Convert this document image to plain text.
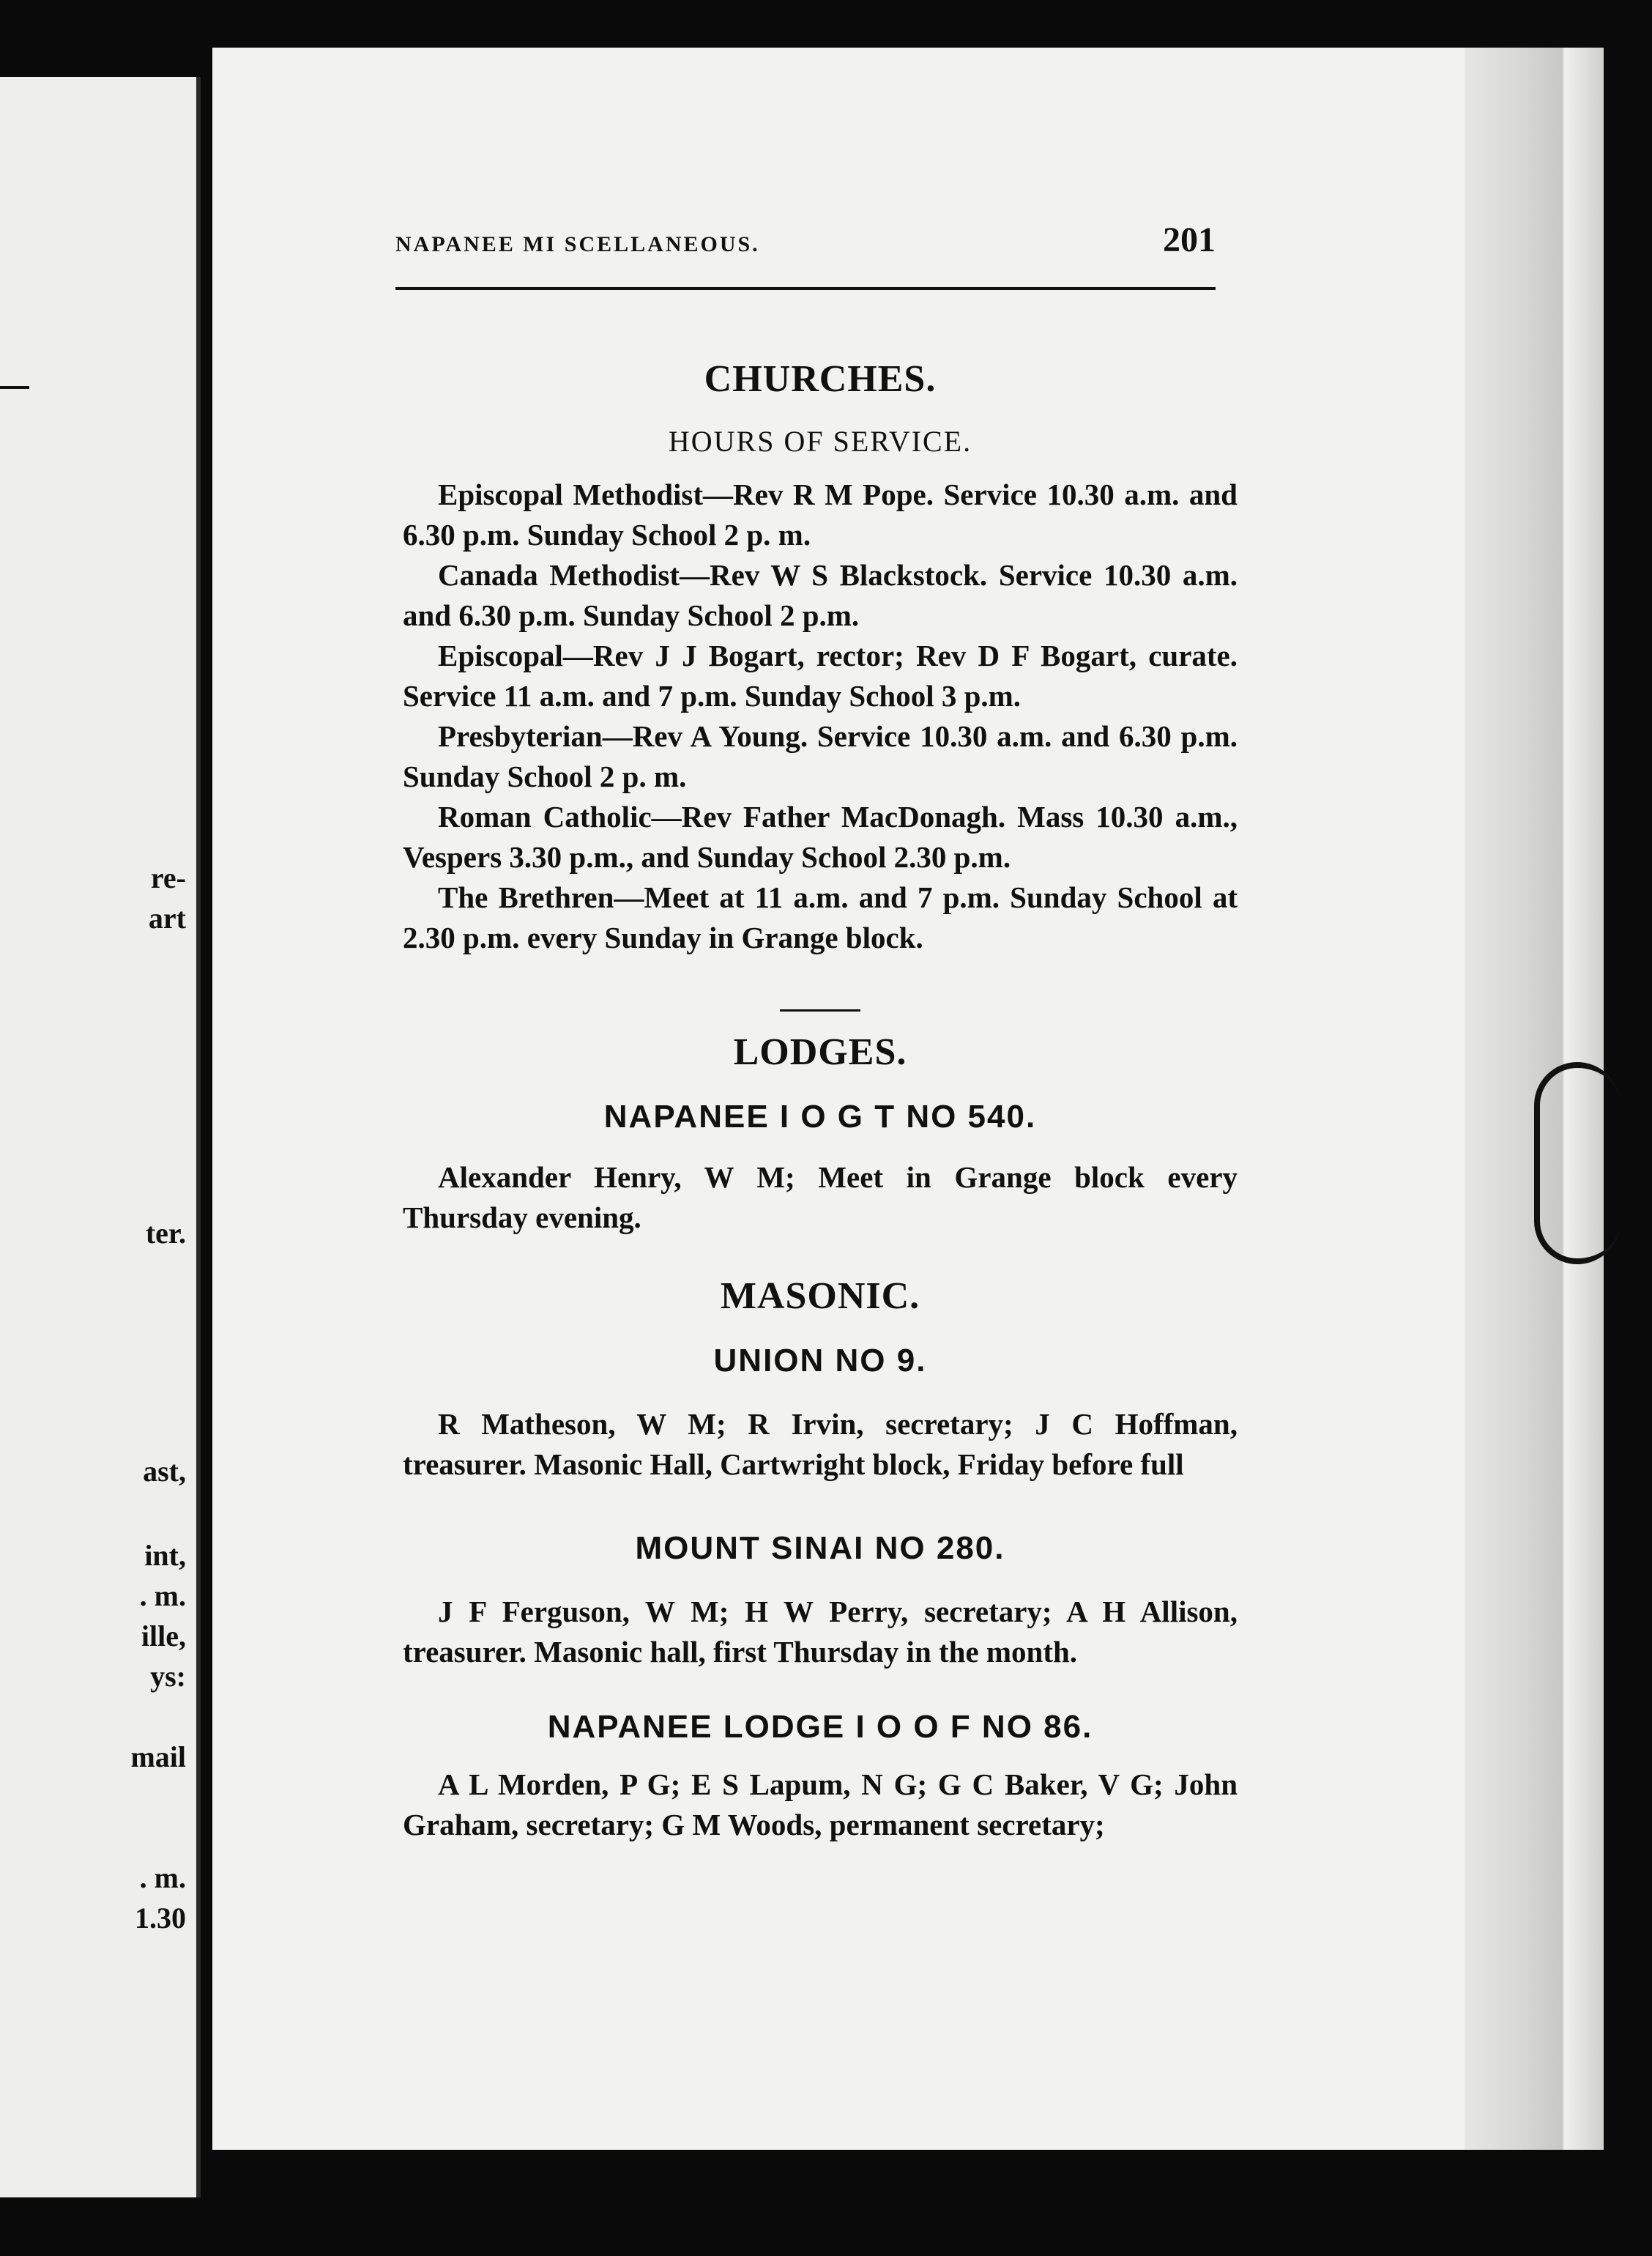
re-
art
ter.
ast,
int,
. m.
ille,
ys:
mail
. m.
1.30
NAPANEE MI SCELLANEOUS.	201
CHURCHES.
HOURS OF SERVICE.

Episcopal Methodist—Rev R M Pope. Service 10.30 a.m. and 6.30 p.m. Sunday School 2 p. m.

Canada Methodist—Rev W S Blackstock. Service 10.30 a.m. and 6.30 p.m. Sunday School 2 p.m.

Episcopal—Rev J J Bogart, rector; Rev D F Bogart, curate. Service 11 a.m. and 7 p.m. Sunday School 3 p.m.

Presbyterian—Rev A Young. Service 10.30 a.m. and 6.30 p.m. Sunday School 2 p. m.

Roman Catholic—Rev Father MacDonagh. Mass 10.30 a.m., Vespers 3.30 p.m., and Sunday School 2.30 p.m.

The Brethren—Meet at 11 a.m. and 7 p.m. Sunday School at 2.30 p.m. every Sunday in Grange block.

LODGES.
NAPANEE I O G T NO 540.

Alexander Henry, W M; Meet in Grange block every Thursday evening.

MASONIC.
UNION NO 9.

R Matheson, W M; R Irvin, secretary; J C Hoffman, treasurer. Masonic Hall, Cartwright block, Friday before full

MOUNT SINAI NO 280.

J F Ferguson, W M; H W Perry, secretary; A H Allison, treasurer. Masonic hall, first Thursday in the month.

NAPANEE LODGE I O O F NO 86.

A L Morden, P G; E S Lapum, N G; G C Baker, V G; John Graham, secretary; G M Woods, permanent secretary;
